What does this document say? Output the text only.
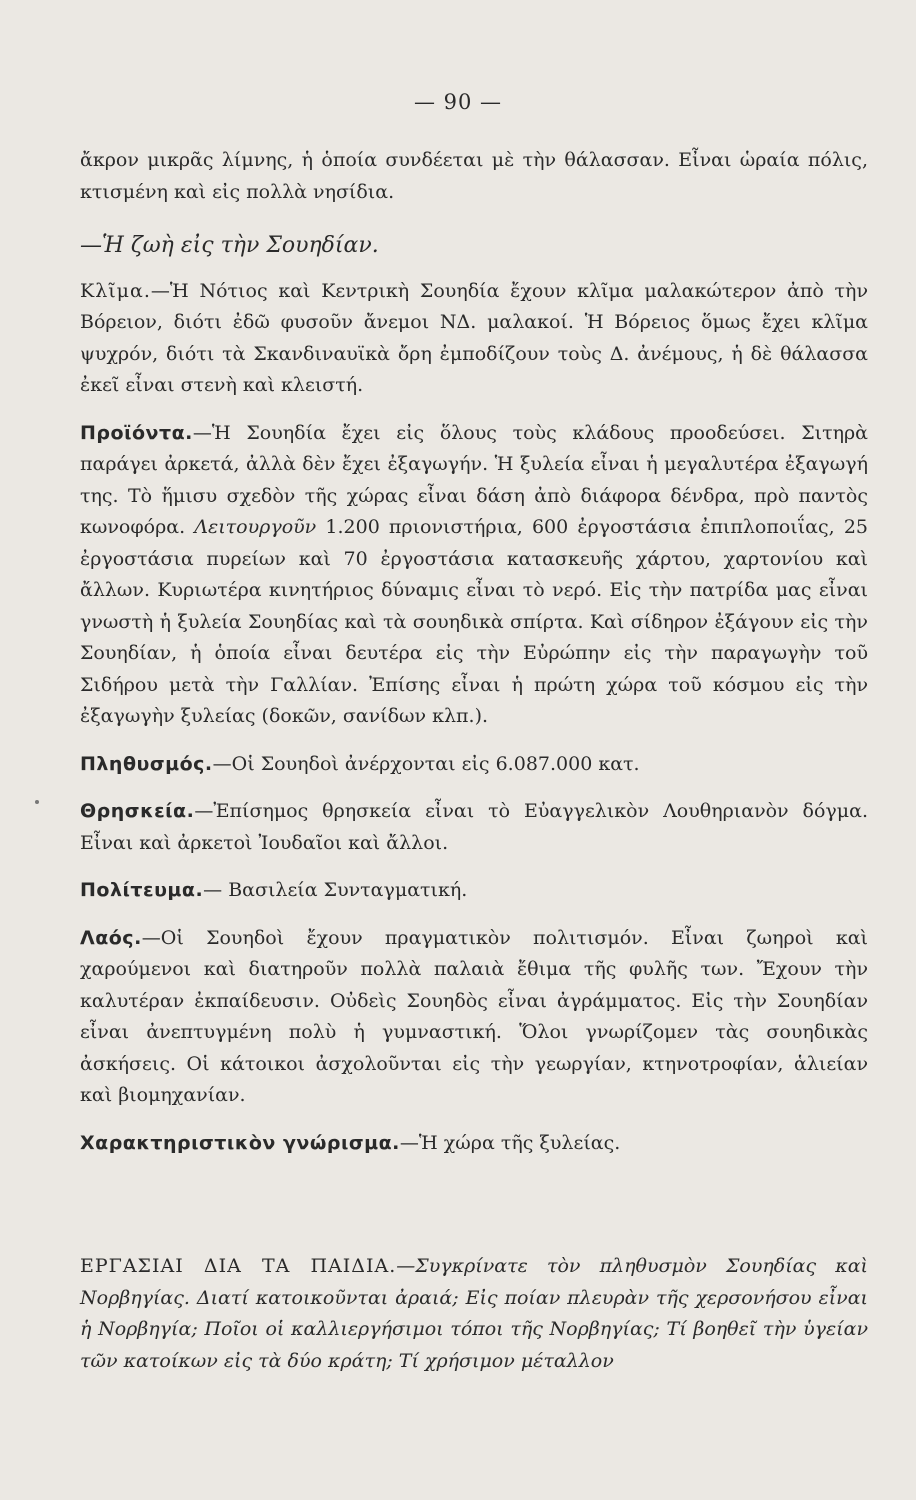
— 90 —

ἄκρον μικρᾶς λίμνης, ἡ ὁποία συνδέεται μὲ τὴν θάλασσαν. Εἶναι ὡραία πόλις, κτισμένη καὶ εἰς πολλὰ νησίδια.

—Ἡ ζωὴ εἰς τὴν Σουηδίαν.

Κλῖμα.—Ἡ Νότιος καὶ Κεντρικὴ Σουηδία ἔχουν κλῖμα μαλακώτερον ἀπὸ τὴν Βόρειον, διότι ἐδῶ φυσοῦν ἄνεμοι ΝΔ. μαλακοί. Ἡ Βόρειος ὅμως ἔχει κλῖμα ψυχρόν, διότι τὰ Σκανδιναυϊκὰ ὄρη ἐμποδίζουν τοὺς Δ. ἀνέμους, ἡ δὲ θάλασσα ἐκεῖ εἶναι στενὴ καὶ κλειστή.

Προϊόντα.—Ἡ Σουηδία ἔχει εἰς ὅλους τοὺς κλάδους προοδεύσει. Σιτηρὰ παράγει ἀρκετά, ἀλλὰ δὲν ἔχει ἐξαγωγήν. Ἡ ξυλεία εἶναι ἡ μεγαλυτέρα ἐξαγωγή της. Τὸ ἥμισυ σχεδὸν τῆς χώρας εἶναι δάση ἀπὸ διάφορα δένδρα, πρὸ παντὸς κωνοφόρα. Λειτουργοῦν 1.200 πριονιστήρια, 600 ἐργοστάσια ἐπιπλοποιΐας, 25 ἐργοστάσια πυρείων καὶ 70 ἐργοστάσια κατασκευῆς χάρτου, χαρτονίου καὶ ἄλλων. Κυριωτέρα κινητήριος δύναμις εἶναι τὸ νερό. Εἰς τὴν πατρίδα μας εἶναι γνωστὴ ἡ ξυλεία Σουηδίας καὶ τὰ σουηδικὰ σπίρτα. Καὶ σίδηρον ἐξάγουν εἰς τὴν Σουηδίαν, ἡ ὁποία εἶναι δευτέρα εἰς τὴν Εὐρώπην εἰς τὴν παραγωγὴν τοῦ Σιδήρου μετὰ τὴν Γαλλίαν. Ἐπίσης εἶναι ἡ πρώτη χώρα τοῦ κόσμου εἰς τὴν ἐξαγωγὴν ξυλείας (δοκῶν, σανίδων κλπ.).

Πληθυσμός.—Οἱ Σουηδοὶ ἀνέρχονται εἰς 6.087.000 κατ.

Θρησκεία.—Ἐπίσημος θρησκεία εἶναι τὸ Εὐαγγελικὸν Λουθηριανὸν δόγμα. Εἶναι καὶ ἀρκετοὶ Ἰουδαῖοι καὶ ἄλλοι.

Πολίτευμα.— Βασιλεία Συνταγματική.

Λαός.—Οἱ Σουηδοὶ ἔχουν πραγματικὸν πολιτισμόν. Εἶναι ζωηροὶ καὶ χαρούμενοι καὶ διατηροῦν πολλὰ παλαιὰ ἔθιμα τῆς φυλῆς των. Ἔχουν τὴν καλυτέραν ἐκπαίδευσιν. Οὐδεὶς Σουηδὸς εἶναι ἀγράμματος. Εἰς τὴν Σουηδίαν εἶναι ἀνεπτυγμένη πολὺ ἡ γυμναστική. Ὅλοι γνωρίζομεν τὰς σουηδικὰς ἀσκήσεις. Οἱ κάτοικοι ἀσχολοῦνται εἰς τὴν γεωργίαν, κτηνοτροφίαν, ἁλιείαν καὶ βιομηχανίαν.

Χαρακτηριστικὸν γνώρισμα.—Ἡ χώρα τῆς ξυλείας.

ΕΡΓΑΣΙΑΙ ΔΙΑ ΤΑ ΠΑΙΔΙΑ.—Συγκρίνατε τὸν πληθυσμὸν Σουηδίας καὶ Νορβηγίας. Διατί κατοικοῦνται ἀραιά; Εἰς ποίαν πλευρὰν τῆς χερσονήσου εἶναι ἡ Νορβηγία; Ποῖοι οἱ καλλιεργήσιμοι τόποι τῆς Νορβηγίας; Τί βοηθεῖ τὴν ὑγείαν τῶν κατοίκων εἰς τὰ δύο κράτη; Τί χρήσιμον μέταλλον
